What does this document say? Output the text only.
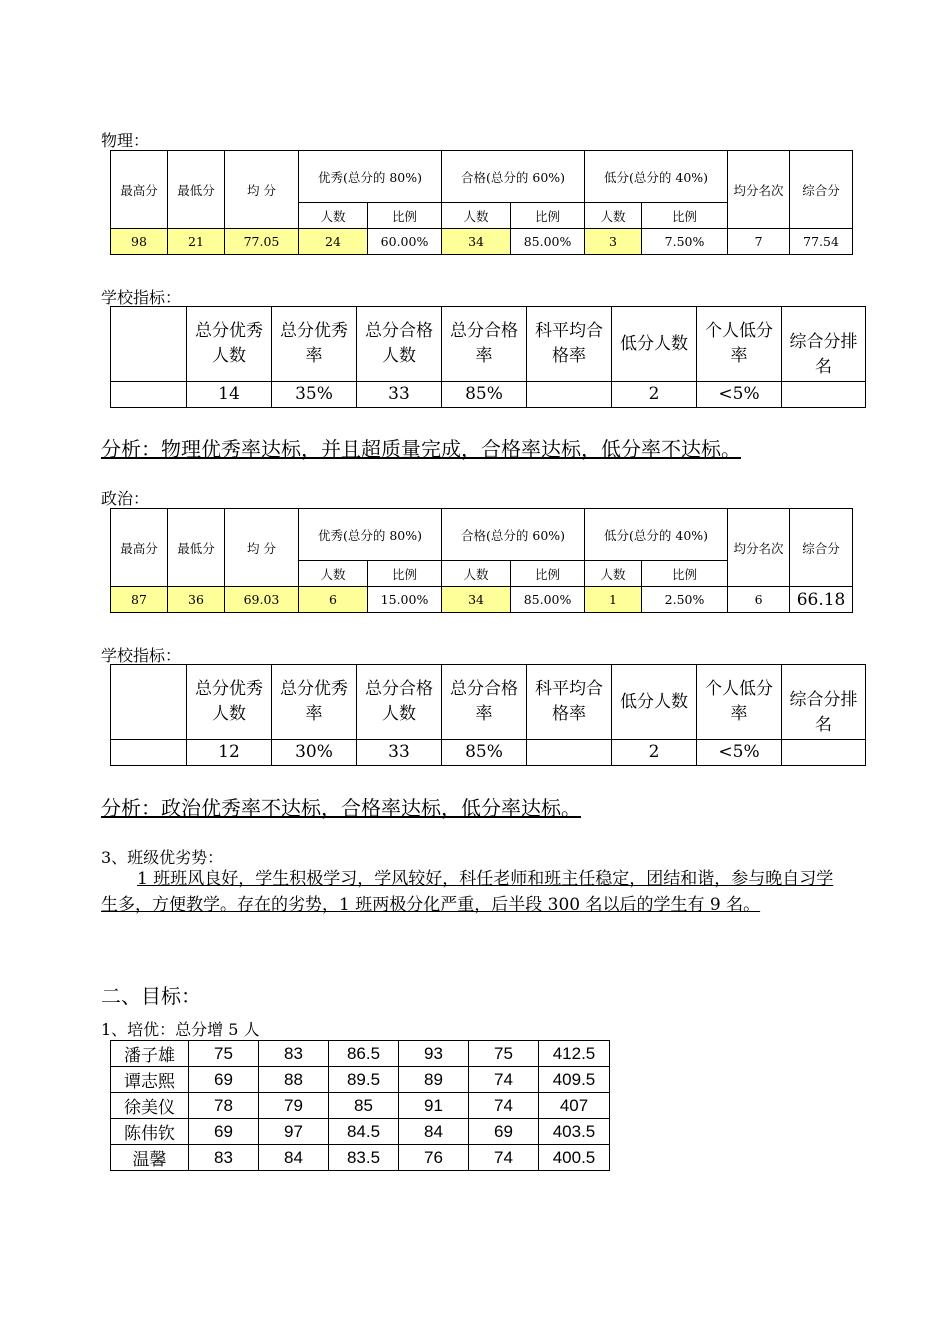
物理：
最高分	最低分	均 分	优秀(总分的 80%)		合格(总分的 60%)		低分(总分的 40%)		均分名次	综合分
			人数	比例	人数	比例	人数	比例		
98	21	77.05	24	60.00%	34	85.00%	3	7.50%	7	77.54
学校指标：
	总分优秀人数	总分优秀率	总分合格人数	总分合格率	科平均合格率	低分人数	个人低分率	综合分排名
	14	35%	33	85%		2	<5%	
分析：物理优秀率达标，并且超质量完成，合格率达标，低分率不达标。
政治：
最高分	最低分	均 分	优秀(总分的 80%)		合格(总分的 60%)		低分(总分的 40%)		均分名次	综合分
			人数	比例	人数	比例	人数	比例		
87	36	69.03	6	15.00%	34	85.00%	1	2.50%	6	66.18
学校指标：
	总分优秀人数	总分优秀率	总分合格人数	总分合格率	科平均合格率	低分人数	个人低分率	综合分排名
	12	30%	33	85%		2	<5%	
分析：政治优秀率不达标，合格率达标，低分率达标。
3、班级优劣势：
1 班班风良好，学生积极学习，学风较好，科任老师和班主任稳定，团结和谐，参与晚自习学生多，方便教学。存在的劣势，1 班两极分化严重，后半段 300 名以后的学生有 9 名。
二、目标：
1、培优：总分增 5 人
潘子雄	75	83	86.5	93	75	412.5
谭志熙	69	88	89.5	89	74	409.5
徐美仪	78	79	85	91	74	407
陈伟钦	69	97	84.5	84	69	403.5
温馨	83	84	83.5	76	74	400.5
